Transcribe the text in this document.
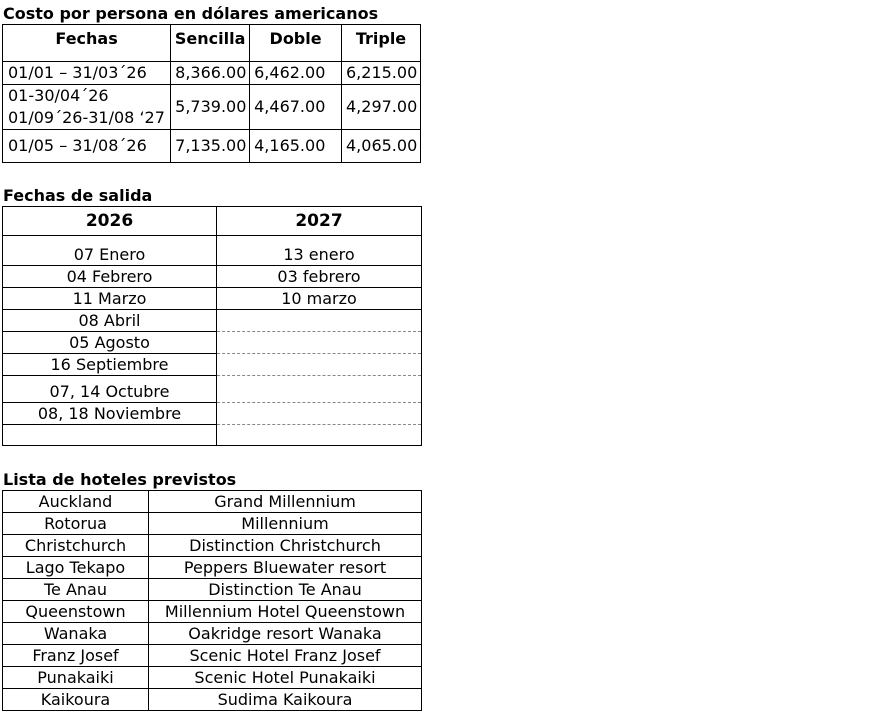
Costo por persona en dólares americanos
Fechas	Sencilla	Doble	Triple
01/01 – 31/03´26	8,366.00	6,462.00	6,215.00

01-30/04´26
01/09´26-31/08 ‘27	5,739.00	4,467.00	4,297.00
01/05 – 31/08´26	7,135.00	4,165.00	4,065.00
Fechas de salida
2026	2027
07 Enero	13 enero
04 Febrero	03 febrero
11 Marzo	10 marzo
08 Abril	
05 Agosto	
16 Septiembre	
07, 14 Octubre	
08, 18 Noviembre	

Lista de hoteles previstos
Auckland	Grand Millennium
Rotorua	Millennium
Christchurch	Distinction Christchurch
Lago Tekapo	Peppers Bluewater resort
Te Anau	Distinction Te Anau
Queenstown	Millennium Hotel Queenstown
Wanaka	Oakridge resort Wanaka
Franz Josef	Scenic Hotel Franz Josef
Punakaiki	Scenic Hotel Punakaiki
Kaikoura	Sudima Kaikoura
